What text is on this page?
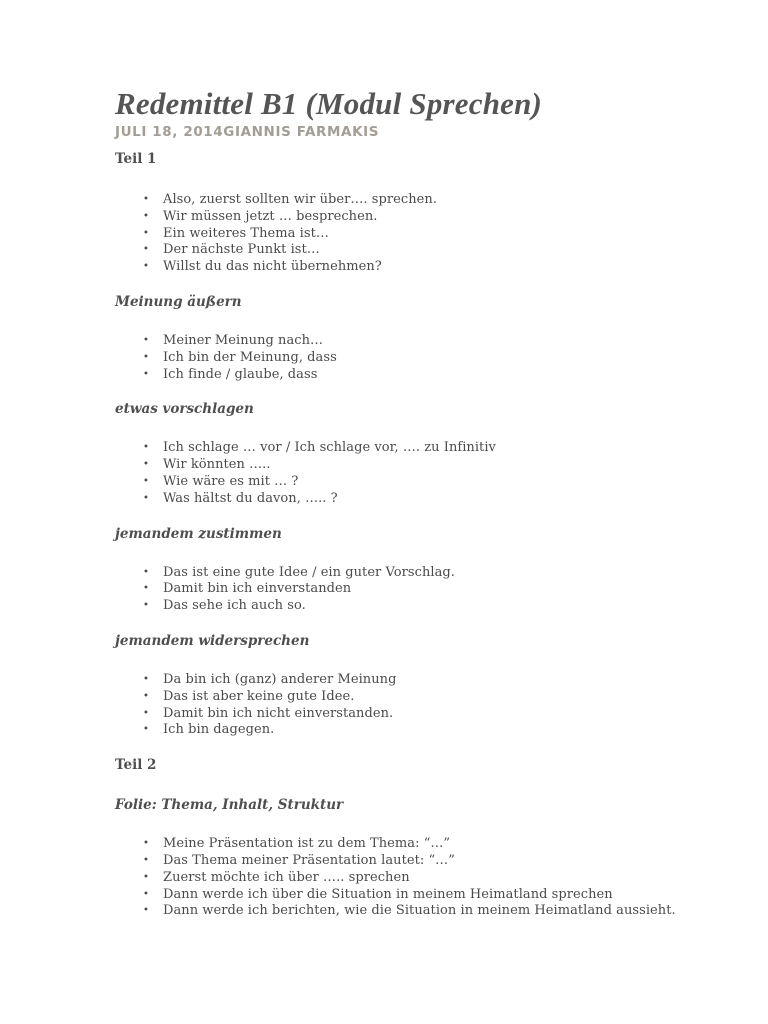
Redemittel B1 (Modul Sprechen)
JULI 18, 2014GIANNIS FARMAKIS
Teil 1
• Also, zuerst sollten wir über…. sprechen.
• Wir müssen jetzt … besprechen.
• Ein weiteres Thema ist…
• Der nächste Punkt ist…
• Willst du das nicht übernehmen?
Meinung äußern
• Meiner Meinung nach…
• Ich bin der Meinung, dass
• Ich finde / glaube, dass
etwas vorschlagen
• Ich schlage … vor / Ich schlage vor, …. zu Infinitiv
• Wir könnten …..
• Wie wäre es mit … ?
• Was hältst du davon, ….. ?
jemandem zustimmen
• Das ist eine gute Idee / ein guter Vorschlag.
• Damit bin ich einverstanden
• Das sehe ich auch so.
jemandem widersprechen
• Da bin ich (ganz) anderer Meinung
• Das ist aber keine gute Idee.
• Damit bin ich nicht einverstanden.
• Ich bin dagegen.
Teil 2
Folie: Thema, Inhalt, Struktur
• Meine Präsentation ist zu dem Thema: “…”
• Das Thema meiner Präsentation lautet: “…”
• Zuerst möchte ich über ….. sprechen
• Dann werde ich über die Situation in meinem Heimatland sprechen
• Dann werde ich berichten, wie die Situation in meinem Heimatland aussieht.
